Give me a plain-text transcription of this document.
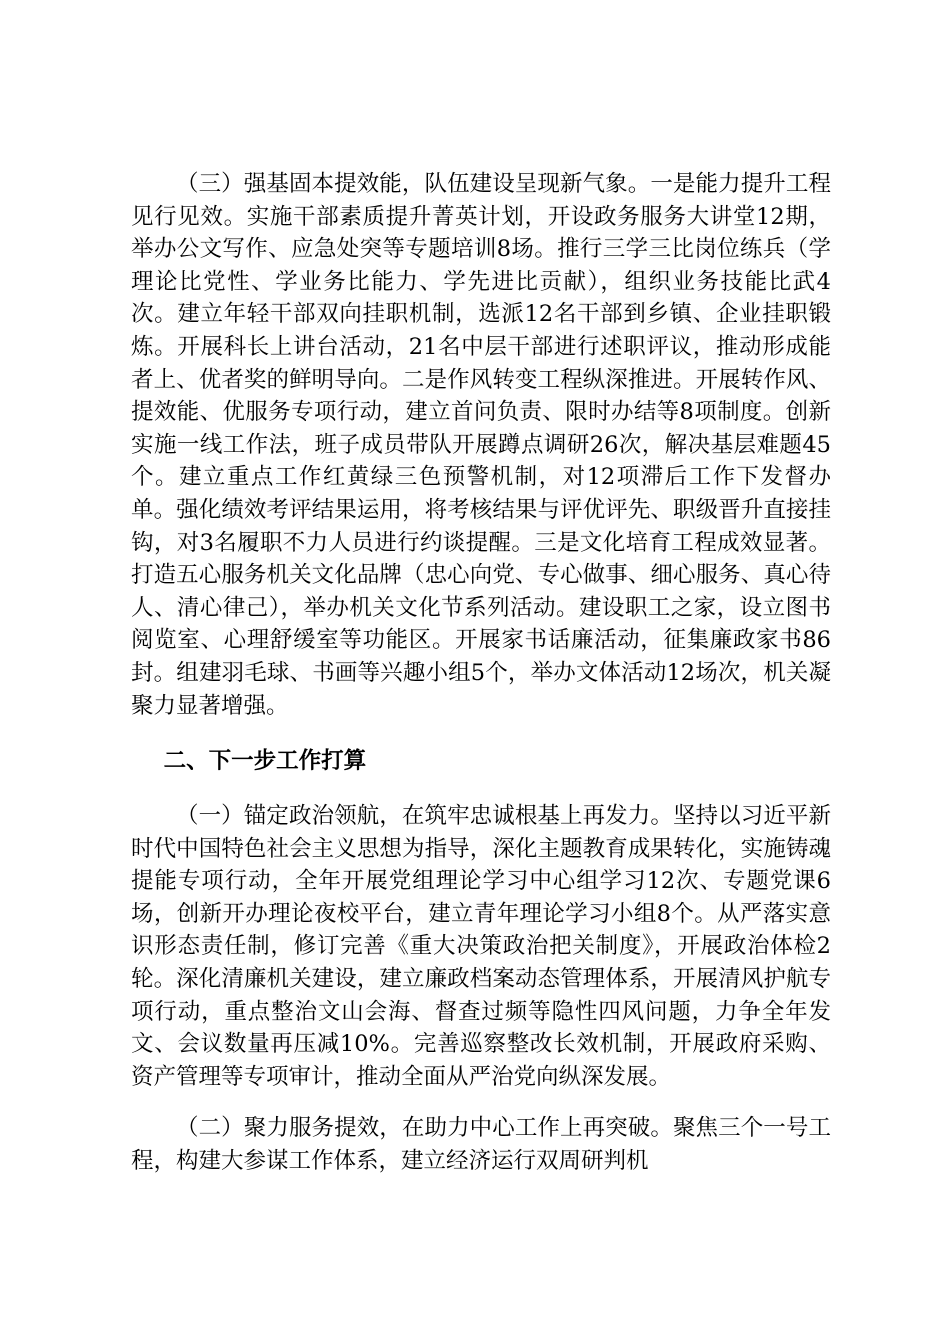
（三）强基固本提效能，队伍建设呈现新气象。一是能力提升工程见行见效。实施干部素质提升菁英计划，开设政务服务大讲堂12期，举办公文写作、应急处突等专题培训8场。推行三学三比岗位练兵（学理论比党性、学业务比能力、学先进比贡献），组织业务技能比武4次。建立年轻干部双向挂职机制，选派12名干部到乡镇、企业挂职锻炼。开展科长上讲台活动，21名中层干部进行述职评议，推动形成能者上、优者奖的鲜明导向。二是作风转变工程纵深推进。开展转作风、提效能、优服务专项行动，建立首问负责、限时办结等8项制度。创新实施一线工作法，班子成员带队开展蹲点调研26次，解决基层难题45个。建立重点工作红黄绿三色预警机制，对12项滞后工作下发督办单。强化绩效考评结果运用，将考核结果与评优评先、职级晋升直接挂钩，对3名履职不力人员进行约谈提醒。三是文化培育工程成效显著。打造五心服务机关文化品牌（忠心向党、专心做事、细心服务、真心待人、清心律己），举办机关文化节系列活动。建设职工之家，设立图书阅览室、心理舒缓室等功能区。开展家书话廉活动，征集廉政家书86封。组建羽毛球、书画等兴趣小组5个，举办文体活动12场次，机关凝聚力显著增强。

二、下一步工作打算

（一）锚定政治领航，在筑牢忠诚根基上再发力。坚持以习近平新时代中国特色社会主义思想为指导，深化主题教育成果转化，实施铸魂提能专项行动，全年开展党组理论学习中心组学习12次、专题党课6场，创新开办理论夜校平台，建立青年理论学习小组8个。从严落实意识形态责任制，修订完善《重大决策政治把关制度》，开展政治体检2轮。深化清廉机关建设，建立廉政档案动态管理体系，开展清风护航专项行动，重点整治文山会海、督查过频等隐性四风问题，力争全年发文、会议数量再压减10%。完善巡察整改长效机制，开展政府采购、资产管理等专项审计，推动全面从严治党向纵深发展。

（二）聚力服务提效，在助力中心工作上再突破。聚焦三个一号工程，构建大参谋工作体系，建立经济运行双周研判机
